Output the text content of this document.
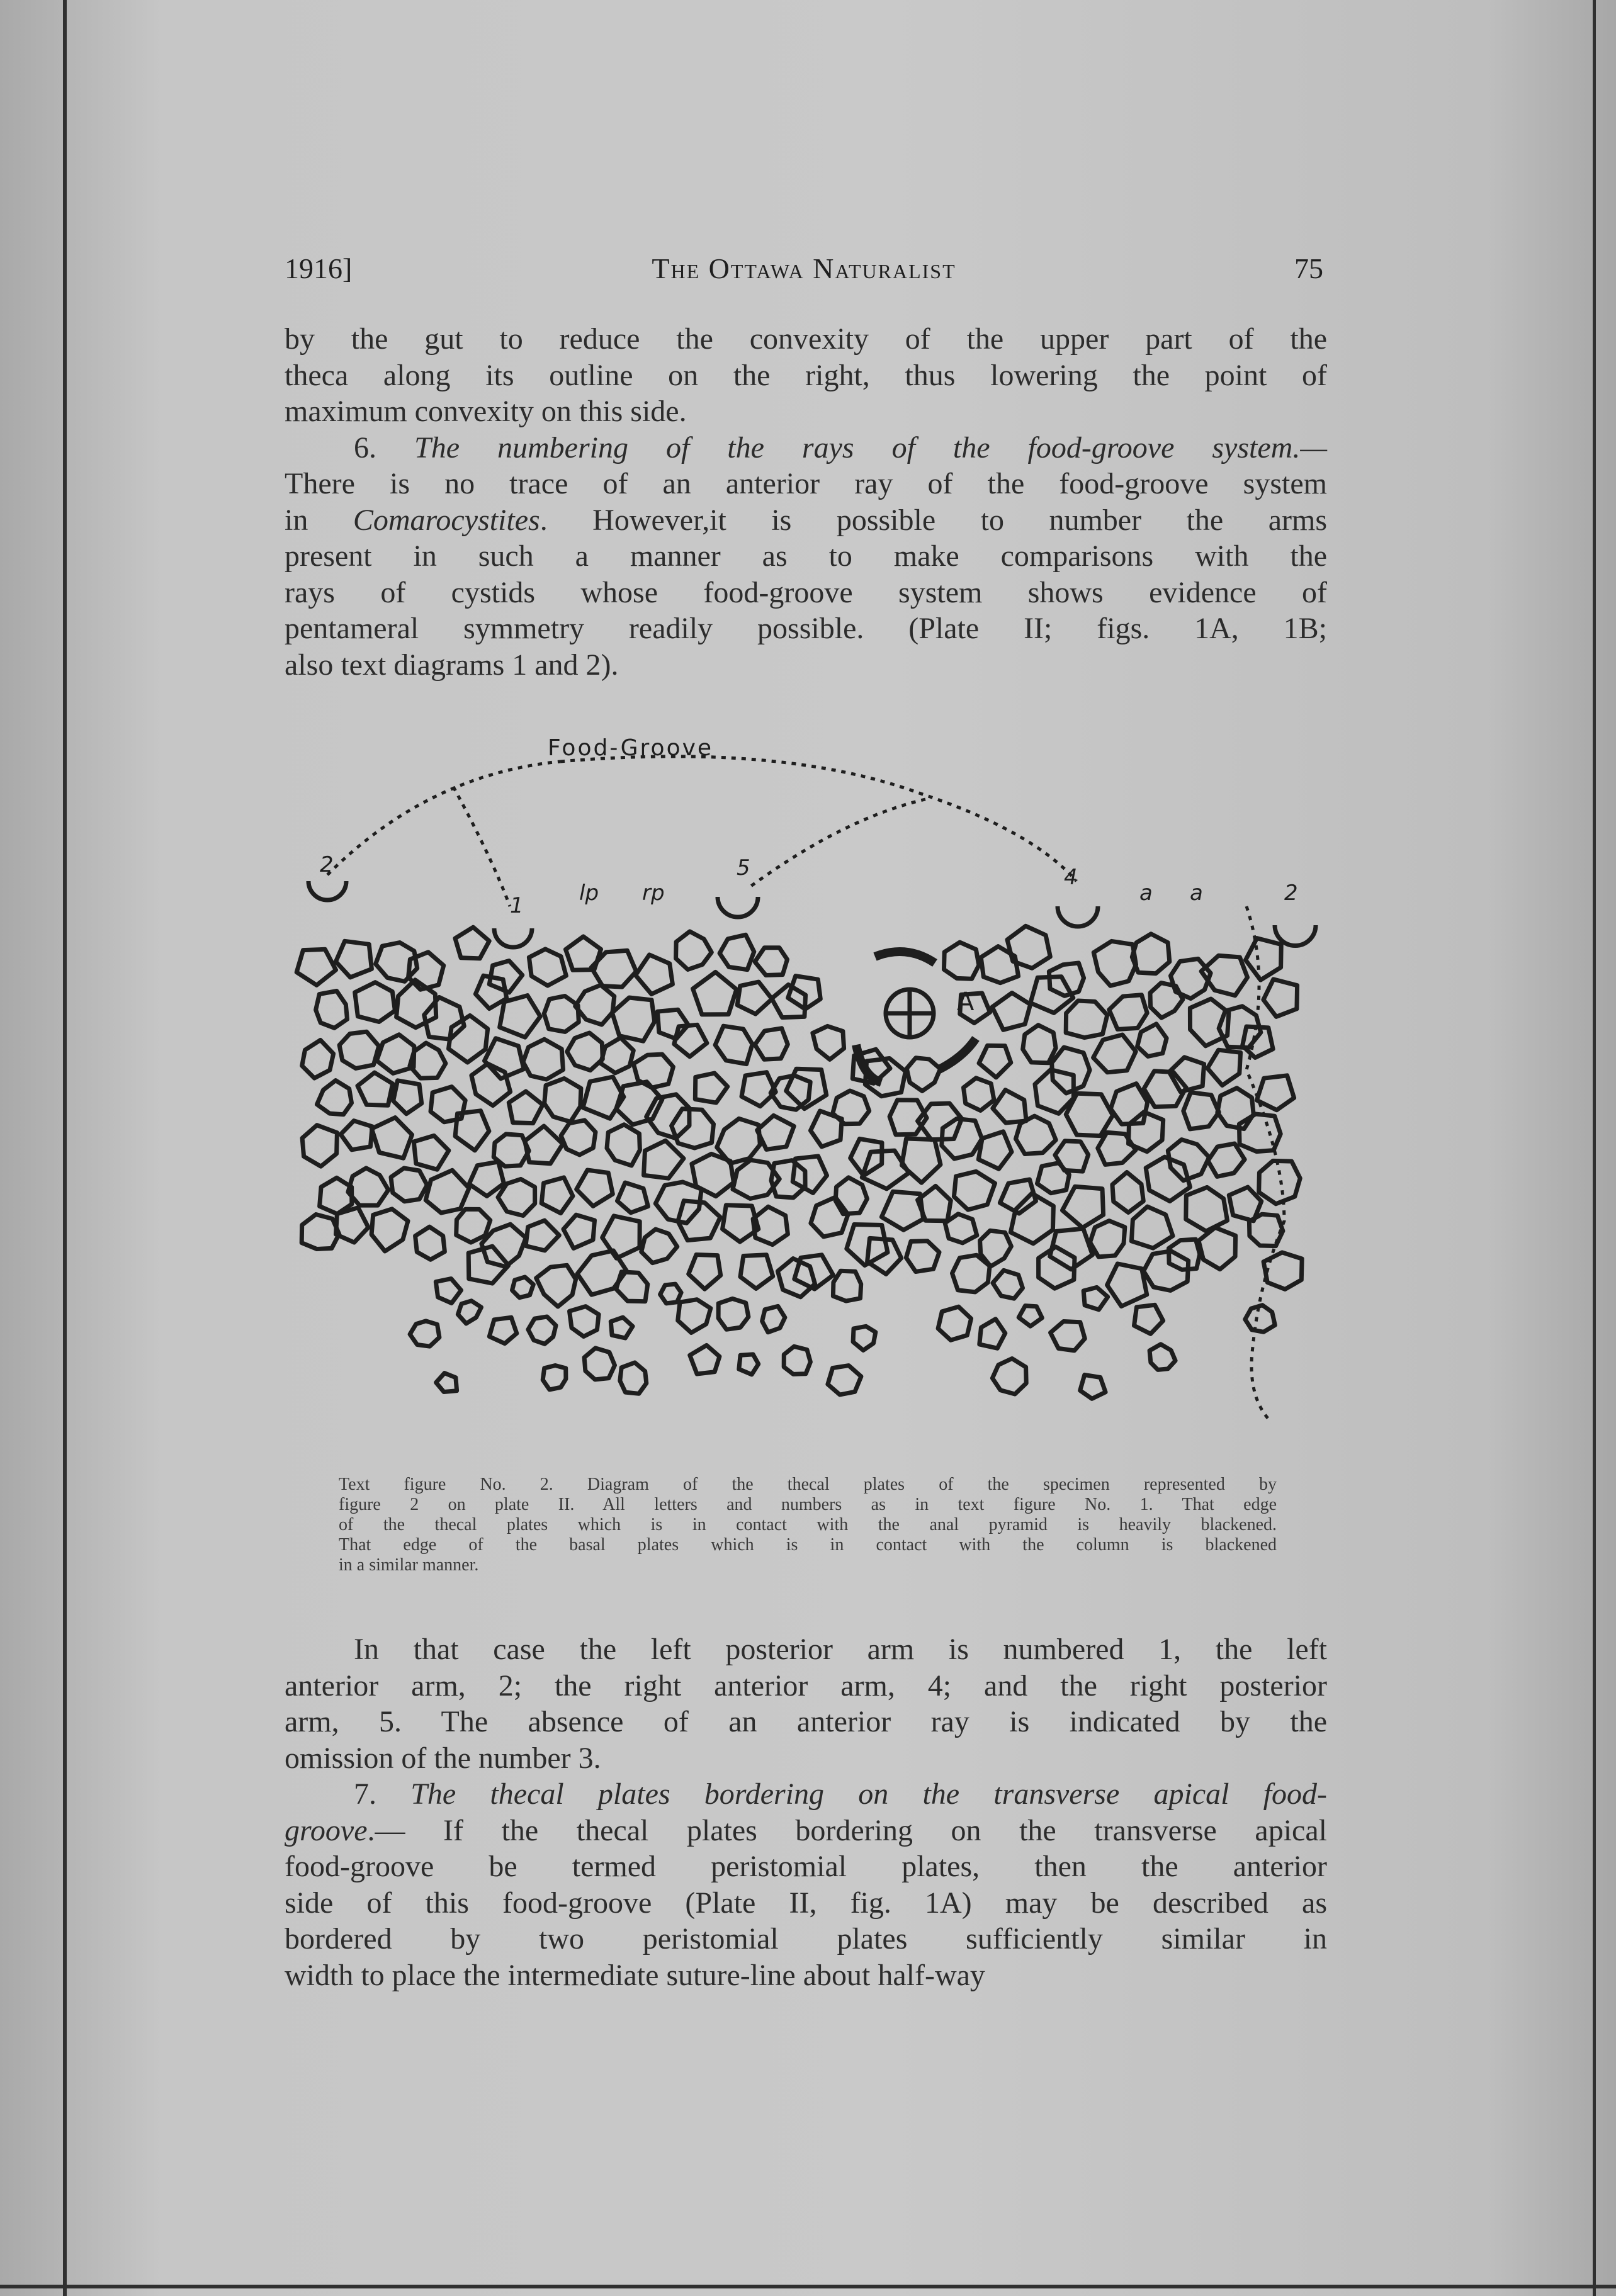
1916]	The Ottawa Naturalist	75
by the gut to reduce the convexity of the upper part of the
theca along its outline on the right, thus lowering the point of
maximum convexity on this side.
6. The numbering of the rays of the food-groove system.—
There is no trace of an anterior ray of the food-groove system
in Comarocystites. However,it is possible to number the arms
present in such a manner as to make comparisons with the
rays of cystids whose food-groove system shows evidence of
pentameral symmetry readily possible. (Plate II; figs. 1A, 1B;
also text diagrams 1 and 2).
Food-Groove
2
1	lp rp
5	4
a a	2
A
Text figure No. 2. Diagram of the thecal plates of the specimen represented by
figure 2 on plate II. All letters and numbers as in text figure No. 1. That edge
of the thecal plates which is in contact with the anal pyramid is heavily blackened.
That edge of the basal plates which is in contact with the column is blackened
in a similar manner.
In that case the left posterior arm is numbered 1, the left
anterior arm, 2; the right anterior arm, 4; and the right posterior
arm, 5. The absence of an anterior ray is indicated by the
omission of the number 3.
7. The thecal plates bordering on the transverse apical food-
groove.— If the thecal plates bordering on the transverse apical
food-groove be termed peristomial plates, then the anterior
side of this food-groove (Plate II, fig. 1A) may be described as
bordered by two peristomial plates sufficiently similar in
width to place the intermediate suture-line about half-way
